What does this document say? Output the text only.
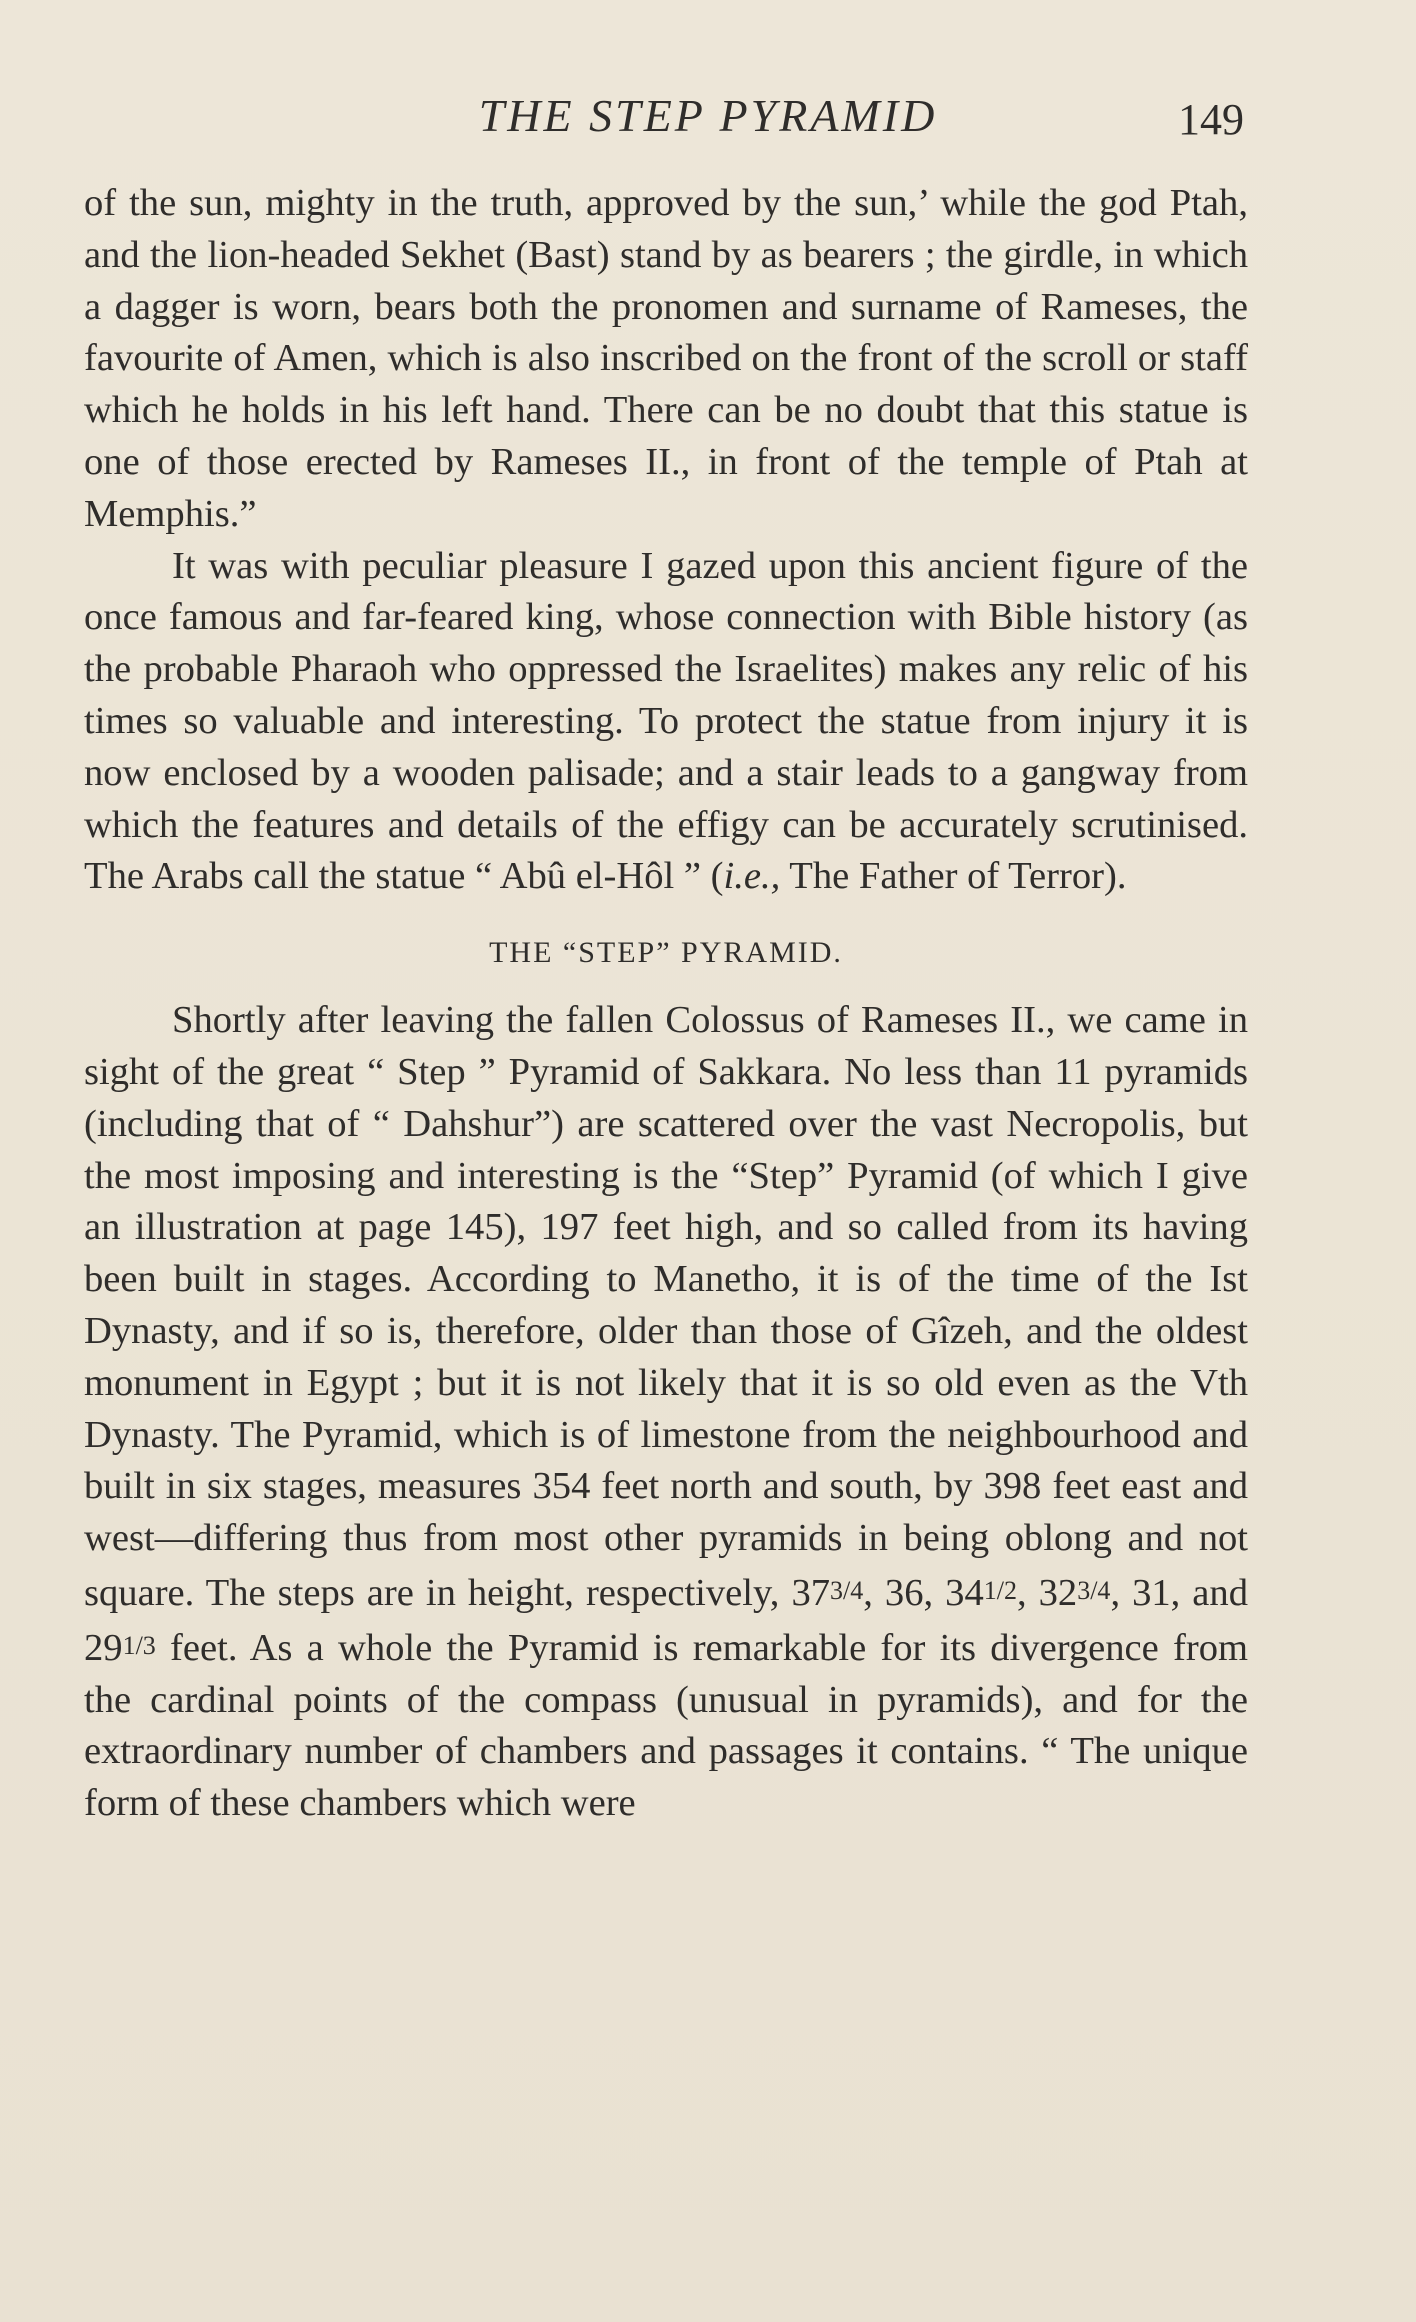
THE STEP PYRAMID	149

of the sun, mighty in the truth, approved by the sun,’ while the god Ptah, and the lion-headed Sekhet (Bast) stand by as bearers ; the girdle, in which a dagger is worn, bears both the pronomen and surname of Rameses, the favourite of Amen, which is also inscribed on the front of the scroll or staff which he holds in his left hand. There can be no doubt that this statue is one of those erected by Rameses II., in front of the temple of Ptah at Memphis.”

It was with peculiar pleasure I gazed upon this ancient figure of the once famous and far-feared king, whose connection with Bible history (as the probable Pharaoh who oppressed the Israelites) makes any relic of his times so valuable and interesting. To protect the statue from injury it is now enclosed by a wooden palisade; and a stair leads to a gangway from which the features and details of the effigy can be accurately scrutinised. The Arabs call the statue “ Abû el-Hôl ” (i.e., The Father of Terror).

THE “STEP” PYRAMID.

Shortly after leaving the fallen Colossus of Rameses II., we came in sight of the great “ Step ” Pyramid of Sakkara. No less than 11 pyramids (including that of “ Dahshur”) are scattered over the vast Necropolis, but the most imposing and interesting is the “Step” Pyramid (of which I give an illustration at page 145), 197 feet high, and so called from its having been built in stages. According to Manetho, it is of the time of the Ist Dynasty, and if so is, therefore, older than those of Gîzeh, and the oldest monument in Egypt ; but it is not likely that it is so old even as the Vth Dynasty. The Pyramid, which is of limestone from the neighbourhood and built in six stages, measures 354 feet north and south, by 398 feet east and west—differing thus from most other pyramids in being oblong and not square. The steps are in height, respectively, 373/4, 36, 341/2, 323/4, 31, and 291/3 feet. As a whole the Pyramid is remarkable for its divergence from the cardinal points of the compass (unusual in pyramids), and for the extraordinary number of chambers and passages it contains. “ The unique form of these chambers which were
